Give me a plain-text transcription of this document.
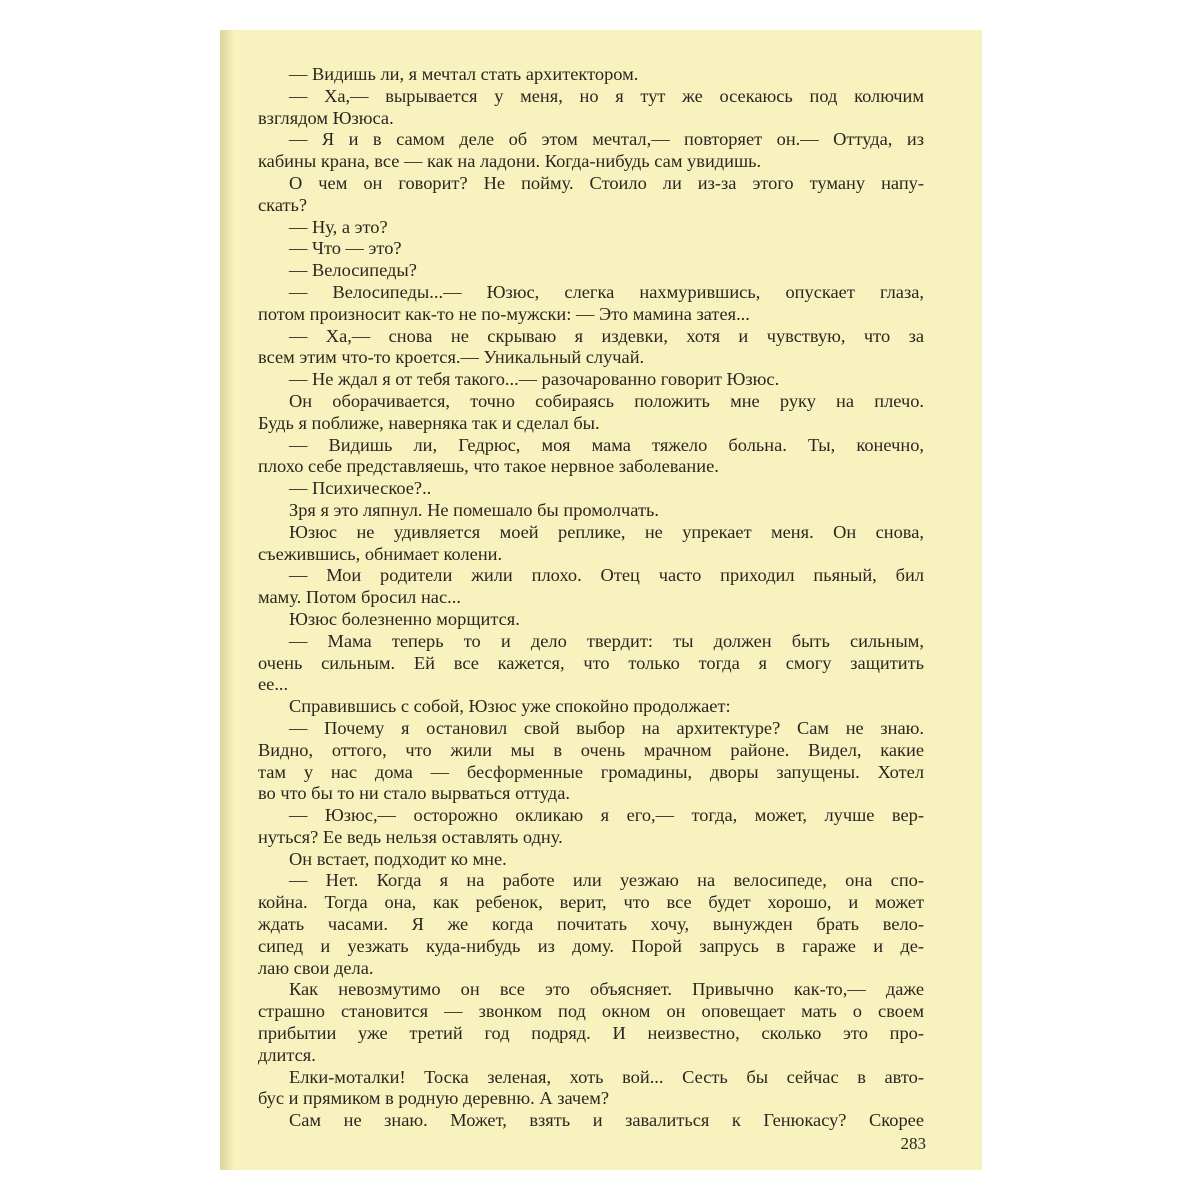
— Видишь ли, я мечтал стать архитектором.
— Ха,— вырывается у меня, но я тут же осекаюсь под колючим
взглядом Юзюса.
— Я и в самом деле об этом мечтал,— повторяет он.— Оттуда, из
кабины крана, все — как на ладони. Когда-нибудь сам увидишь.
О чем он говорит? Не пойму. Стоило ли из-за этого туману напу-
скать?
— Ну, а это?
— Что — это?
— Велосипеды?
— Велосипеды...— Юзюс, слегка нахмурившись, опускает глаза,
потом произносит как-то не по-мужски: — Это мамина затея...
— Ха,— снова не скрываю я издевки, хотя и чувствую, что за
всем этим что-то кроется.— Уникальный случай.
— Не ждал я от тебя такого...— разочарованно говорит Юзюс.
Он оборачивается, точно собираясь положить мне руку на плечо.
Будь я поближе, наверняка так и сделал бы.
— Видишь ли, Гедрюс, моя мама тяжело больна. Ты, конечно,
плохо себе представляешь, что такое нервное заболевание.
— Психическое?..
Зря я это ляпнул. Не помешало бы промолчать.
Юзюс не удивляется моей реплике, не упрекает меня. Он снова,
съежившись, обнимает колени.
— Мои родители жили плохо. Отец часто приходил пьяный, бил
маму. Потом бросил нас...
Юзюс болезненно морщится.
— Мама теперь то и дело твердит: ты должен быть сильным,
очень сильным. Ей все кажется, что только тогда я смогу защитить
ее...
Справившись с собой, Юзюс уже спокойно продолжает:
— Почему я остановил свой выбор на архитектуре? Сам не знаю.
Видно, оттого, что жили мы в очень мрачном районе. Видел, какие
там у нас дома — бесформенные громадины, дворы запущены. Хотел
во что бы то ни стало вырваться оттуда.
— Юзюс,— осторожно окликаю я его,— тогда, может, лучше вер-
нуться? Ее ведь нельзя оставлять одну.
Он встает, подходит ко мне.
— Нет. Когда я на работе или уезжаю на велосипеде, она спо-
койна. Тогда она, как ребенок, верит, что все будет хорошо, и может
ждать часами. Я же когда почитать хочу, вынужден брать вело-
сипед и уезжать куда-нибудь из дому. Порой запрусь в гараже и де-
лаю свои дела.
Как невозмутимо он все это объясняет. Привычно как-то,— даже
страшно становится — звонком под окном он оповещает мать о своем
прибытии уже третий год подряд. И неизвестно, сколько это про-
длится.
Елки-моталки! Тоска зеленая, хоть вой... Сесть бы сейчас в авто-
бус и прямиком в родную деревню. А зачем?
Сам не знаю. Может, взять и завалиться к Генюкасу? Скорее
283
